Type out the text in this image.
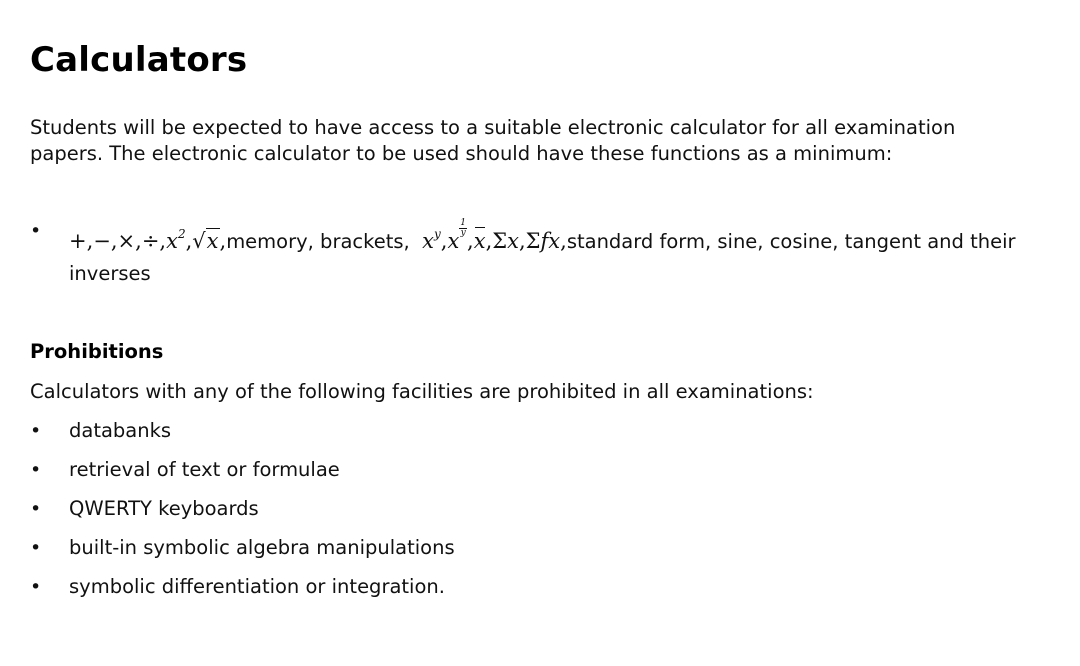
Calculators
Students will be expected to have access to a suitable electronic calculator for all examination papers. The electronic calculator to be used should have these functions as a minimum:
• $+,-,\times,\div,x^2,√x,memory$, brackets, $x^y,x$
$\frac{1}{y}$
,x,Σx,Σfx,standard form, sine, cosine, tangent and their inverses
Prohibitions
Calculators with any of the following facilities are prohibited in all examinations:
• databanks
• retrieval of text or formulae
• QWERTY keyboards
• built-in symbolic algebra manipulations
• symbolic differentiation or integration.
